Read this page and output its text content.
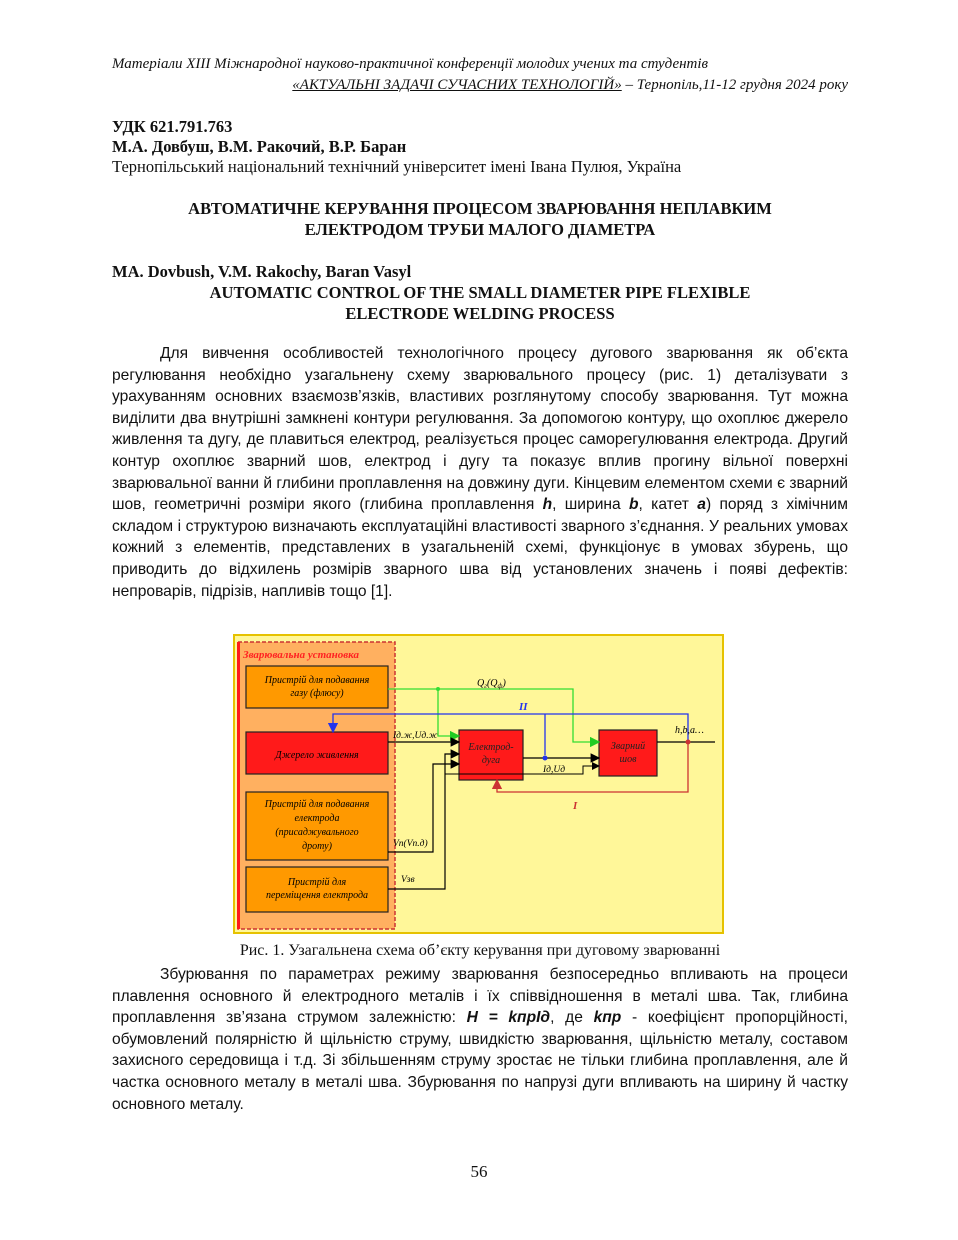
Матеріали XIII Міжнародної науково-практичної конференції молодих учених та студентів
«АКТУАЛЬНІ ЗАДАЧІ СУЧАСНИХ ТЕХНОЛОГІЙ» – Тернопіль,11-12 грудня 2024 року
УДК 621.791.763
М.А. Довбуш, В.М. Ракочий, В.Р. Баран
Тернопільський національний технічний університет імені Івана Пулюя, Україна
АВТОМАТИЧНЕ КЕРУВАННЯ ПРОЦЕСОМ ЗВАРЮВАННЯ НЕПЛАВКИМ
ЕЛЕКТРОДОМ ТРУБИ МАЛОГО ДІАМЕТРА
MA. Dovbush, V.M. Rakochy, Baran Vasyl
AUTOMATIC CONTROL OF THE SMALL DIAMETER PIPE FLEXIBLE
ELECTRODE WELDING PROCESS

Для вивчення особливостей технологічного процесу дугового зварювання як об’єкта регулювання необхідно узагальнену схему зварювального процесу (рис. 1) деталізувати з урахуванням основних взаємозв’язків, властивих розглянутому способу зварювання. Тут можна виділити два внутрішні замкнені контури регулювання. За допомогою контуру, що охоплює джерело живлення та дугу, де плавиться електрод, реалізується процес саморегулювання електрода. Другий контур охоплює зварний шов, електрод і дугу та показує вплив прогину вільної поверхні зварювальної ванни й глибини проплавлення на довжину дуги. Кінцевим елементом схеми є зварний шов, геометричні розміри якого (глибина проплавлення h, ширина b, катет a) поряд з хімічним складом і структурою визначають експлуатаційні властивості зварного з’єднання. У реальних умовах кожний з елементів, представлених в узагальненій схемі, функціонує в умовах збурень, що приводить до відхилень розмірів зварного шва від установлених значень і появі дефектів: непроварів, підрізів, напливів тощо [1].

Зварювальна установка
Пристрій для подавання
газу (флюсу)
Джерело живлення
Пристрій для подавання
електрода
(присаджувального
дроту)
Пристрій для
переміщення електрода
Електрод-
дуга
Зварний
шов
$Q_г(Q_ф)$
II
Iд.ж,Uд.ж
Iд,Uд
h,b,a…
I
Vп(Vп.д)
Vзв
Рис. 1. Узагальнена схема об’єкту керування при дуговому зварюванні

Збурювання по параметрах режиму зварювання безпосередньо впливають на процеси плавлення основного й електродного металів і їх співвідношення в металі шва. Так, глибина проплавлення зв’язана струмом залежністю: H = kпрIд, де kпр - коефіцієнт пропорційності, обумовлений полярністю й щільністю струму, швидкістю зварювання, щільністю металу, составом захисного середовища і т.д. Зі збільшенням струму зростає не тільки глибина проплавлення, але й частка основного металу в металі шва. Збурювання по напрузі дуги впливають на ширину й частку основного металу.

56
